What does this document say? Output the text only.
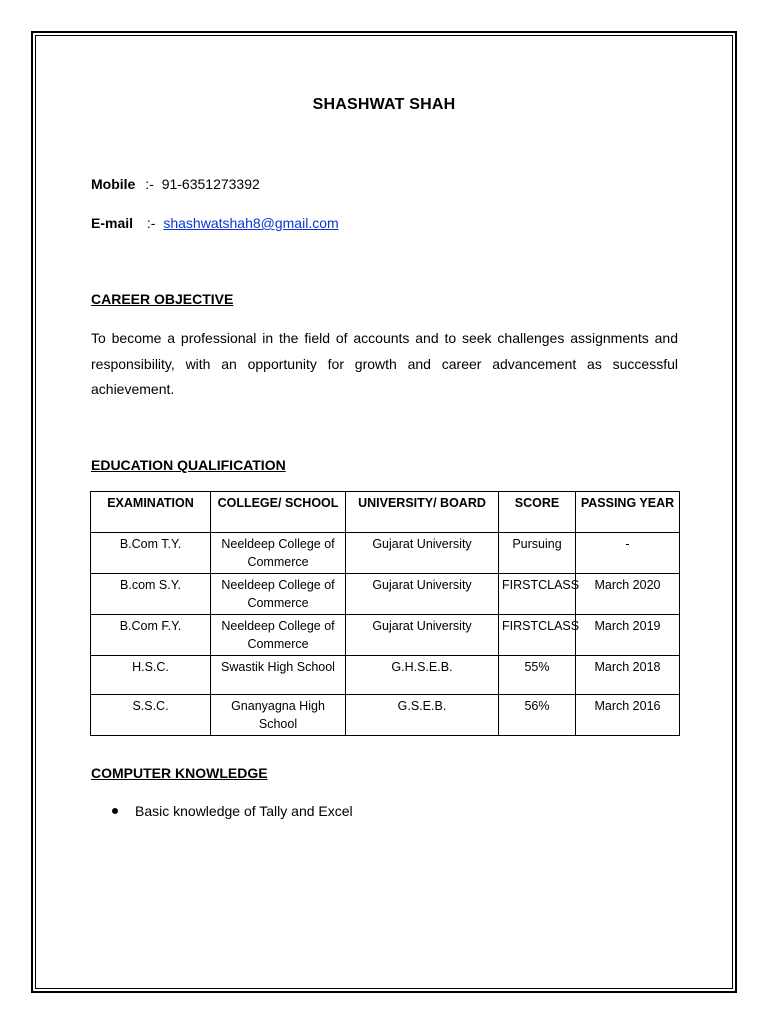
SHASHWAT SHAH
Mobile :- 91-6351273392
E-mail :- shashwatshah8@gmail.com
CAREER OBJECTIVE

To become a professional in the field of accounts and to seek challenges assignments and responsibility, with an opportunity for growth and career advancement as successful achievement.

EDUCATION QUALIFICATION
EXAMINATION	COLLEGE/ SCHOOL	UNIVERSITY/ BOARD	SCORE	PASSING YEAR
B.Com T.Y.	Neeldeep College of Commerce	Gujarat University	Pursuing	-
B.com S.Y.	Neeldeep College of Commerce	Gujarat University	FIRSTCLASS	March 2020
B.Com F.Y.	Neeldeep College of Commerce	Gujarat University	FIRSTCLASS	March 2019
H.S.C.	Swastik High School	G.H.S.E.B.	55%	March 2018
S.S.C.	Gnanyagna High School	G.S.E.B.	56%	March 2016
COMPUTER KNOWLEDGE
Basic knowledge of Tally and Excel
